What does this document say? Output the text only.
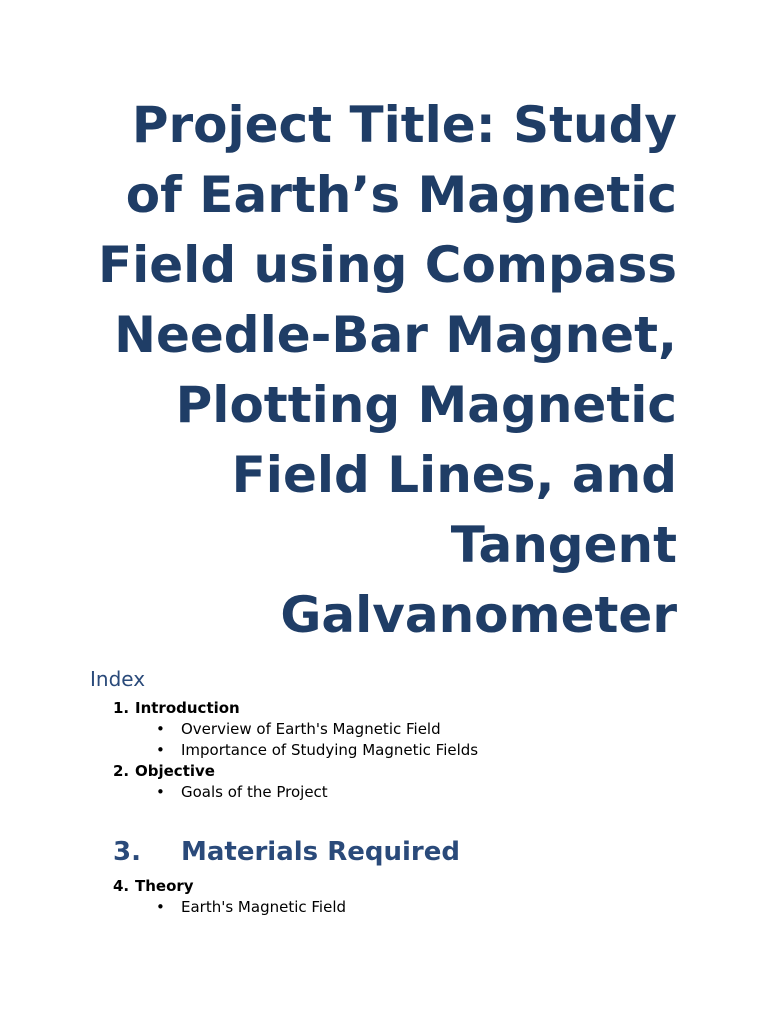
Project Title: Study
of Earth’s Magnetic
Field using Compass
Needle-Bar Magnet,
Plotting Magnetic
Field Lines, and
Tangent
Galvanometer
Index
1. Introduction
• Overview of Earth's Magnetic Field
• Importance of Studying Magnetic Fields
2. Objective
• Goals of the Project
3. Materials Required
4. Theory
• Earth's Magnetic Field
